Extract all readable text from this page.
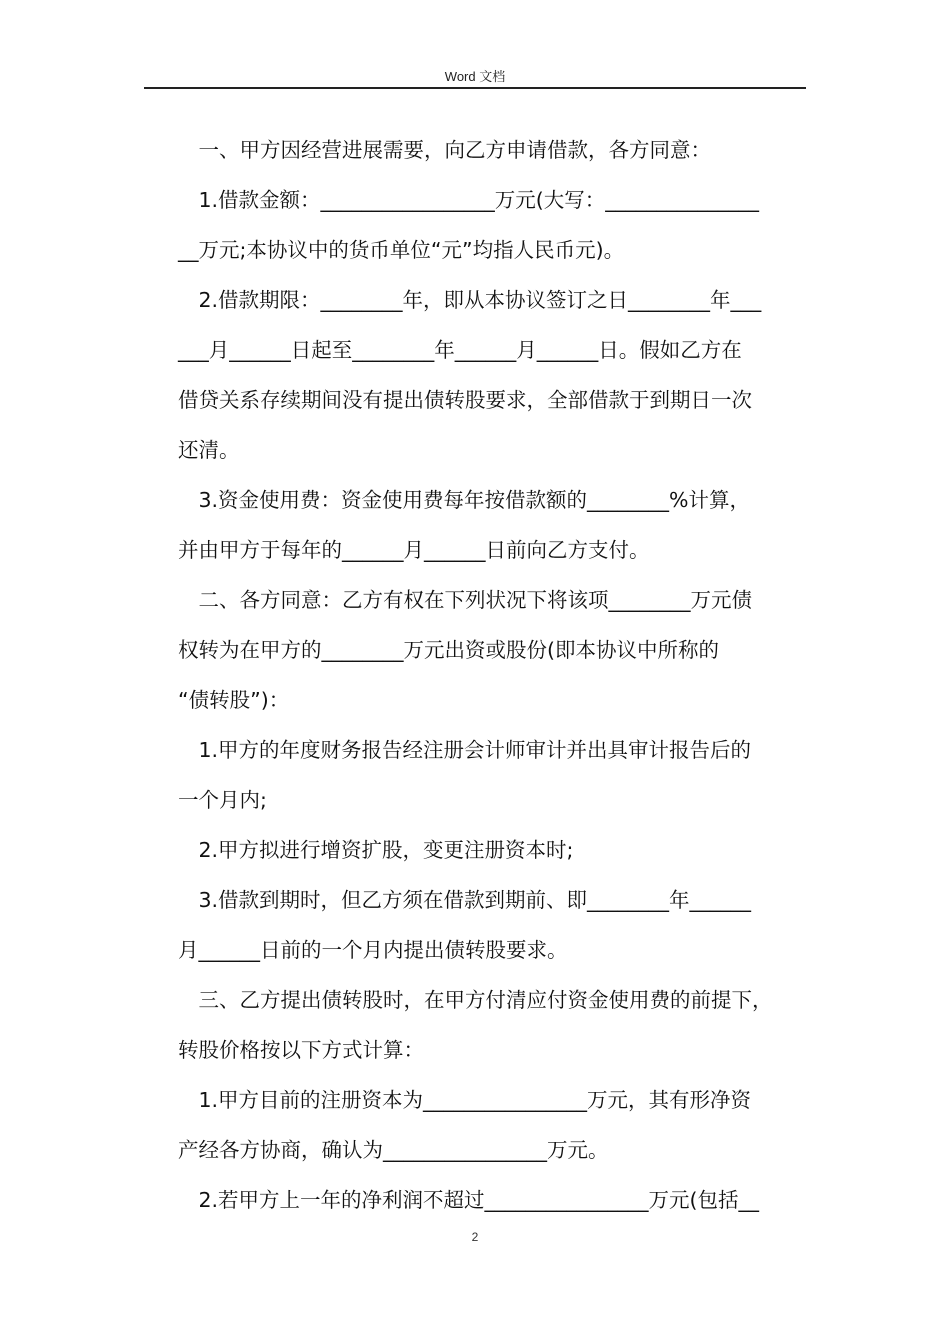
Word 文档
　一、甲方因经营进展需要，向乙方申请借款，各方同意：
　1.借款金额：_________________万元(大写：_______________
__万元;本协议中的货币单位“元”均指人民币元)。
　2.借款期限：________年，即从本协议签订之日________年___
___月______日起至________年______月______日。假如乙方在
借贷关系存续期间没有提出债转股要求，全部借款于到期日一次
还清。
　3.资金使用费：资金使用费每年按借款额的________%计算，
并由甲方于每年的______月______日前向乙方支付。
　二、各方同意：乙方有权在下列状况下将该项________万元债
权转为在甲方的________万元出资或股份(即本协议中所称的
“债转股”)：
　1.甲方的年度财务报告经注册会计师审计并出具审计报告后的
一个月内;
　2.甲方拟进行增资扩股，变更注册资本时;
　3.借款到期时，但乙方须在借款到期前、即________年______
月______日前的一个月内提出债转股要求。
　三、乙方提出债转股时，在甲方付清应付资金使用费的前提下，
转股价格按以下方式计算：
　1.甲方目前的注册资本为________________万元，其有形净资
产经各方协商，确认为________________万元。
　2.若甲方上一年的净利润不超过________________万元(包括__
2
